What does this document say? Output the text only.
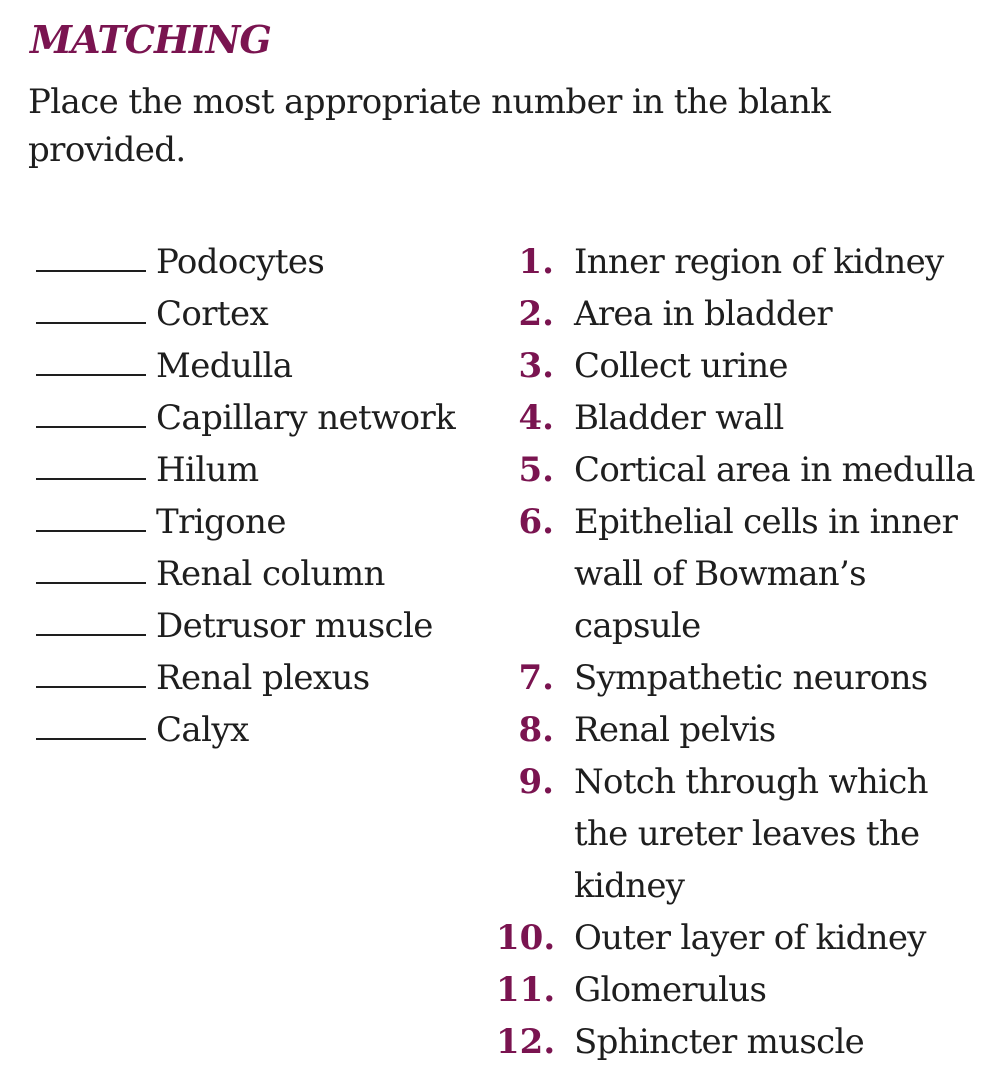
MATCHING

Place the most appropriate number in the blank provided.

Podocytes
Cortex
Medulla
Capillary network
Hilum
Trigone
Renal column
Detrusor muscle
Renal plexus
Calyx
1. Inner region of kidney
2. Area in bladder
3. Collect urine
4. Bladder wall
5. Cortical area in medulla
6. Epithelial cells in inner wall of Bowman’s capsule
7. Sympathetic neurons
8. Renal pelvis
9. Notch through which the ureter leaves the kidney
10. Outer layer of kidney
11. Glomerulus
12. Sphincter muscle
